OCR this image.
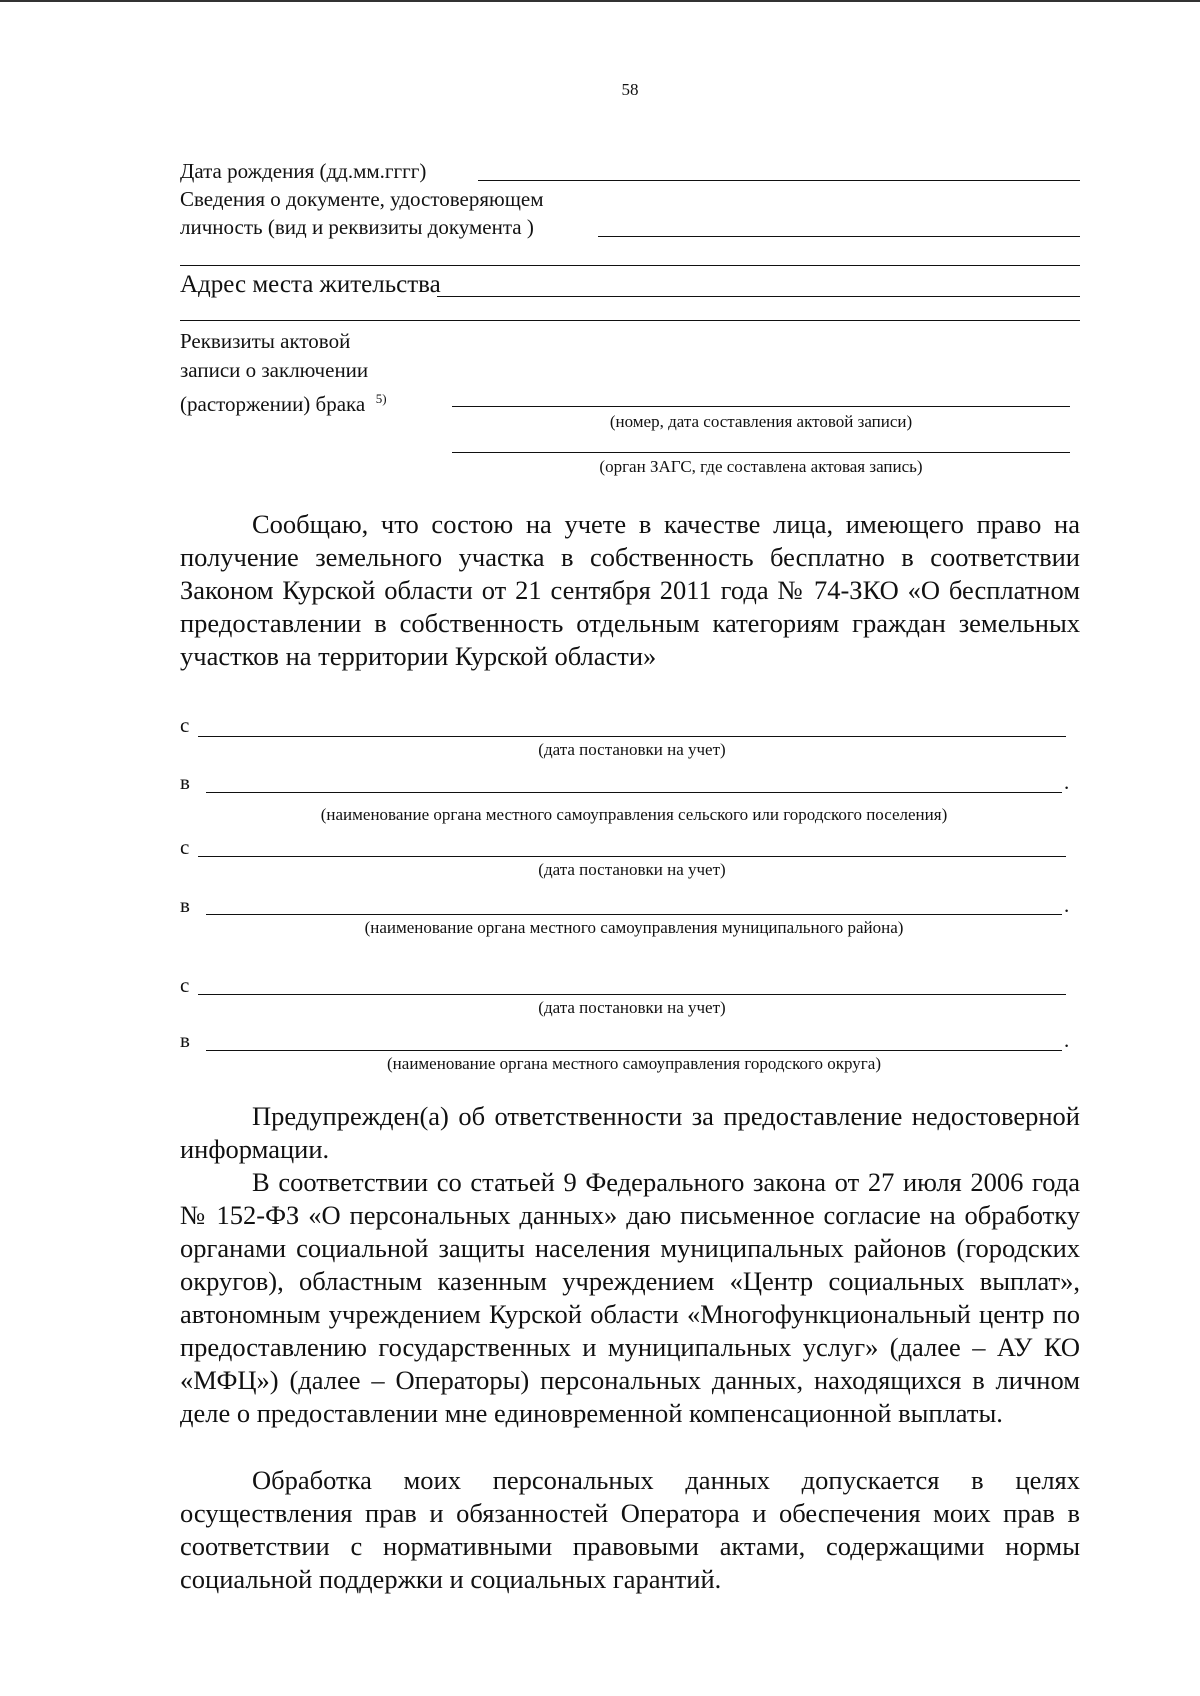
58
Дата рождения (дд.мм.гггг)
Сведения о документе, удостоверяющем
личность (вид и реквизиты документа )
Адрес места жительства
Реквизиты актовой
записи о заключении
(расторжении) брака $^{5)}$
(номер, дата составления актовой записи)
(орган ЗАГС, где составлена актовая запись)
Сообщаю, что состою на учете в качестве лица, имеющего право на получение земельного участка в собственность бесплатно в соответствии Законом Курской области от 21 сентября 2011 года № 74-ЗКО «О бесплатном предоставлении в собственность отдельным категориям граждан земельных участков на территории Курской области»
с
(дата постановки на учет)
в	.
(наименование органа местного самоуправления сельского или городского поселения)
с
(дата постановки на учет)
в	.
(наименование органа местного самоуправления муниципального района)
с
(дата постановки на учет)
в	.
(наименование органа местного самоуправления городского округа)
Предупрежден(а) об ответственности за предоставление недостоверной информации.
В соответствии со статьей 9 Федерального закона от 27 июля 2006 года № 152-ФЗ «О персональных данных» даю письменное согласие на обработку органами социальной защиты населения муниципальных районов (городских округов), областным казенным учреждением «Центр социальных выплат», автономным учреждением Курской области «Многофункциональный центр по предоставлению государственных и муниципальных услуг» (далее – АУ КО «МФЦ») (далее – Операторы) персональных данных, находящихся в личном деле о предоставлении мне единовременной компенсационной выплаты.
Обработка моих персональных данных допускается в целях осуществления прав и обязанностей Оператора и обеспечения моих прав в соответствии с нормативными правовыми актами, содержащими нормы социальной поддержки и социальных гарантий.
